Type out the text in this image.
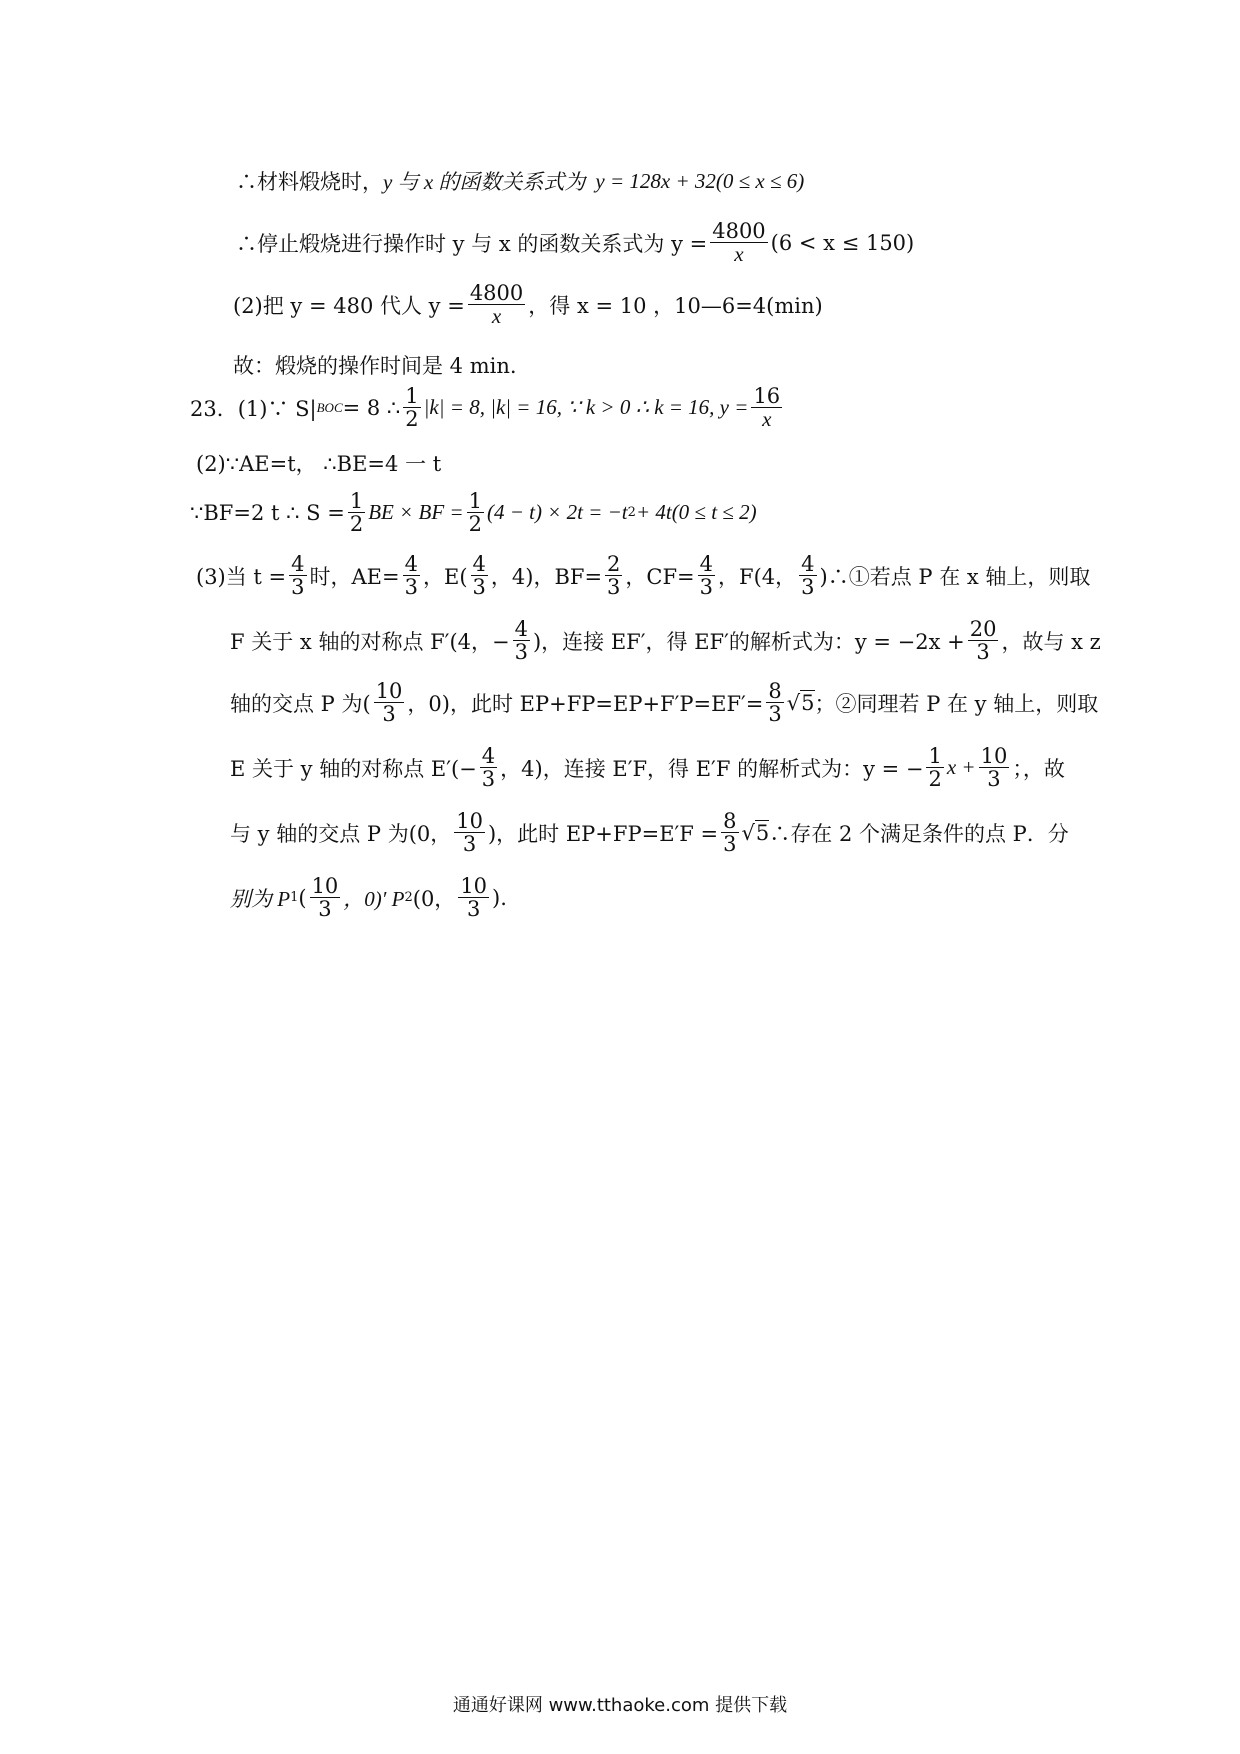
∴材料煅烧时， y 与 x 的函数关系式为 y = 128x + 32(0 ≤ x ≤ 6)
∴停止煅烧进行操作时 y 与 x 的函数关系式为 $y = \frac{4800}{x} (6 < x \le 150)$
(2)把 y = 480 代人 $y = \frac{4800}{x}$ ，得 x = 10 ，10—6=4(min)
故：煅烧的操作时间是 4 min.
23．(1)∵ S| BOC = 8 ∴ $\frac{1}{2} |k| = 8$, |k| = 16, ∵ k > 0 ∴ k = 16, $y = \frac{16}{x}$
(2)∵AE=t， ∴BE=4 一 t
∵BF=2 t ∴ $S = \frac{1}{2}$ BE × BF = $\frac{1}{2} (4 - t) \times 2t = -t$ 2 + 4t(0 ≤ t ≤ 2)
(3)当 $t = \frac{4}{3}$ 时，$AE= \frac{4}{3}$ ，$E( \frac{4}{3}$ ，4)，$BF= \frac{2}{3}$ ，$CF= \frac{4}{3}$ ，F(4， $\frac{4}{3}$ )∴①若点 P 在 x 轴上，则取
F 关于 x 轴的对称点 F′(4，− $\frac{4}{3}$ )，连接 EF′，得 EF′的解析式为：$y = -2x + \frac{20}{3}$ ，故与 x z
轴的交点 P 为( $\frac{10}{3}$ ，0)，此时 $EP+FP=EP+F'P=EF'= \frac{8}{3} √5$ ；②同理若 P 在 y 轴上，则取
E 关于 y 轴的对称点 $E'(- \frac{4}{3}$ ，4)，连接 E′F，得 E′F 的解析式为：y = − $\frac{1}{2}$ $x + \frac{10}{3}$ ；，故
与 y 轴的交点 P 为(0， $\frac{10}{3}$ )，此时 $EP+FP=E'F = \frac{8}{3} √5$ ∴存在 2 个满足条件的点 P．分
别为 P 1 ( $\frac{10}{3}$ ，0)′ P 2 (0， $\frac{10}{3}$ ).
通通好课网 www.tthaoke.com 提供下载
